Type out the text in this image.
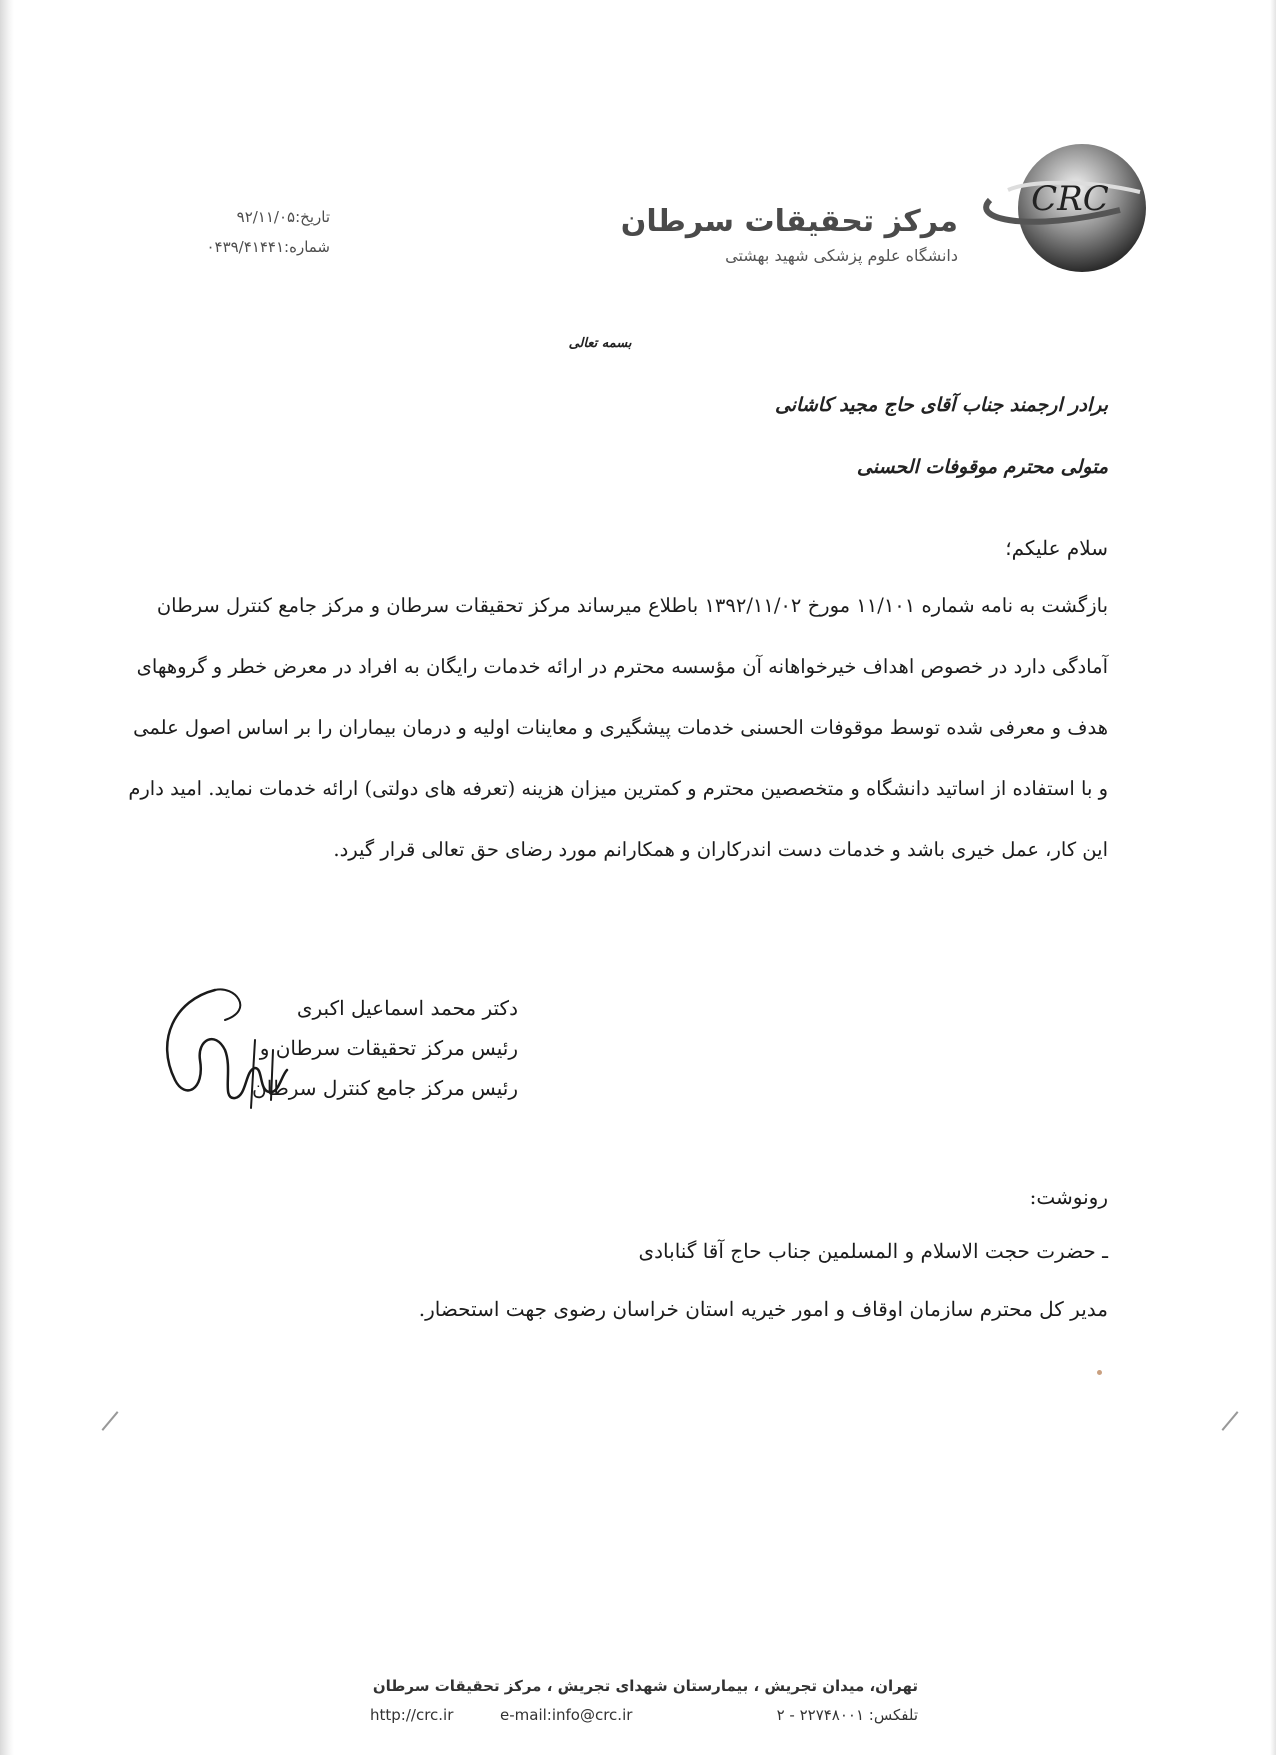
CRC
مرکز تحقیقات سرطان
دانشگاه علوم پزشکی شهید بهشتی
تاریخ:۹۲/۱۱/۰۵
شماره:۰۴۳۹/۴۱۴۴۱
بسمه تعالی
برادر ارجمند جناب آقای حاج مجید کاشانی
متولی محترم موقوفات الحسنی
سلام علیکم؛
بازگشت به نامه شماره ۱۱/۱۰۱ مورخ ۱۳۹۲/۱۱/۰۲ باطلاع میرساند مرکز تحقیقات سرطان و مرکز جامع کنترل سرطان
آمادگی دارد در خصوص اهداف خیرخواهانه آن مؤسسه محترم در ارائه خدمات رایگان به افراد در معرض خطر و گروههای
هدف و معرفی شده توسط موقوفات الحسنی خدمات پیشگیری و معاینات اولیه و درمان بیماران را بر اساس اصول علمی
و با استفاده از اساتید دانشگاه و متخصصین محترم و کمترین میزان هزینه (تعرفه های دولتی) ارائه خدمات نماید. امید دارم
این کار، عمل خیری باشد و خدمات دست اندرکاران و همکارانم مورد رضای حق تعالی قرار گیرد.
دکتر محمد اسماعیل اکبری
رئیس مرکز تحقیقات سرطان و
رئیس مرکز جامع کنترل سرطان
رونوشت:
ـ حضرت حجت الاسلام و المسلمین جناب حاج آقا گنابادی
مدیر کل محترم سازمان اوقاف و امور خیریه استان خراسان رضوی جهت استحضار.
تهران، میدان تجریش ، بیمارستان شهدای تجریش ، مرکز تحقیقات سرطان
http://crc.ir	e-mail:info@crc.ir	تلفکس: ۲۲۷۴۸۰۰۱ - ۲
